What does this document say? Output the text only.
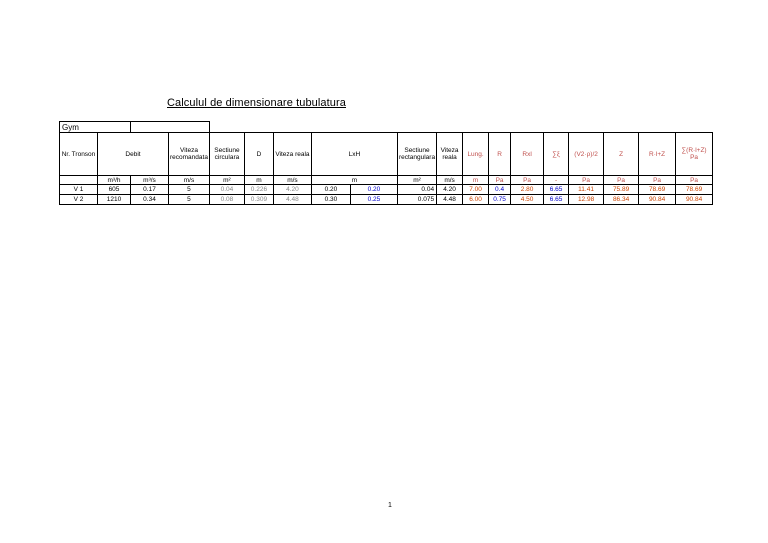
Calculul de dimensionare tubulatura
Gym																		
Nr. Tronson	Debit		Viteza recomandata	Sectiune circulara	D	Viteza reala	LxH		Sectiune rectangulara	Viteza reala	Lung.	R	Rxl	∑ξ	(V2·ρ)/2	Z	R·l+Z	∑(R·l+Z) Pa
	m³/h	m³/s	m/s	m²	m	m/s	m		m²	m/s	m	Pa	Pa	-	Pa	Pa	Pa	Pa
V 1	605	0.17	5	0.04	0.226	4.20	0.20	0.20	0.04	4.20	7.00	0.4	2.80	6.65	11.41	75.89	78.69	78.69
V 2	1210	0.34	5	0.08	0.309	4.48	0.30	0.25	0.075	4.48	6.00	0.75	4.50	6.65	12.98	86.34	90.84	90.84
1
